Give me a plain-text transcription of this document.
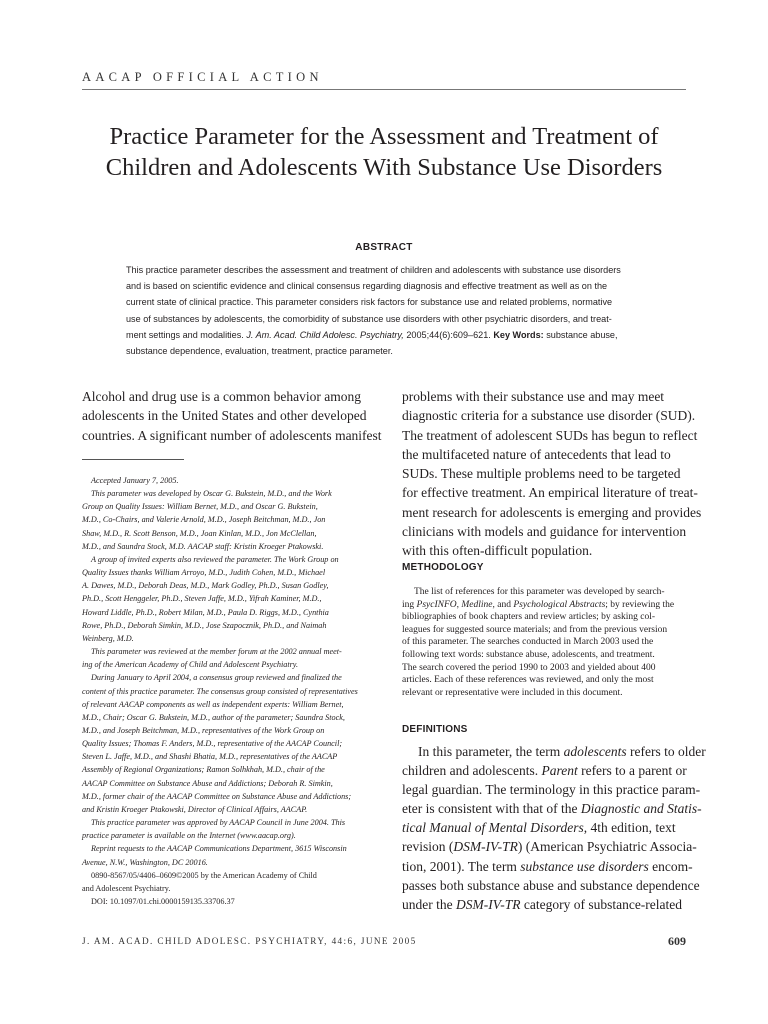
AACAP OFFICIAL ACTION
Practice Parameter for the Assessment and Treatment of
Children and Adolescents With Substance Use Disorders
ABSTRACT
This practice parameter describes the assessment and treatment of children and adolescents with substance use disorders
and is based on scientific evidence and clinical consensus regarding diagnosis and effective treatment as well as on the
current state of clinical practice. This parameter considers risk factors for substance use and related problems, normative
use of substances by adolescents, the comorbidity of substance use disorders with other psychiatric disorders, and treat-
ment settings and modalities. J. Am. Acad. Child Adolesc. Psychiatry, 2005;44(6):609–621. Key Words: substance abuse,
substance dependence, evaluation, treatment, practice parameter.
Alcohol and drug use is a common behavior among
adolescents in the United States and other developed
countries. A significant number of adolescents manifest
Accepted January 7, 2005.
This parameter was developed by Oscar G. Bukstein, M.D., and the Work
Group on Quality Issues: William Bernet, M.D., and Oscar G. Bukstein,
M.D., Co-Chairs, and Valerie Arnold, M.D., Joseph Beitchman, M.D., Jon
Shaw, M.D., R. Scott Benson, M.D., Joan Kinlan, M.D., Jon McClellan,
M.D., and Saundra Stock, M.D. AACAP staff: Kristin Kroeger Ptakowski.
A group of invited experts also reviewed the parameter. The Work Group on
Quality Issues thanks William Arroyo, M.D., Judith Cohen, M.D., Michael
A. Dawes, M.D., Deborah Deas, M.D., Mark Godley, Ph.D., Susan Godley,
Ph.D., Scott Henggeler, Ph.D., Steven Jaffe, M.D., Yifrah Kaminer, M.D.,
Howard Liddle, Ph.D., Robert Milan, M.D., Paula D. Riggs, M.D., Cynthia
Rowe, Ph.D., Deborah Simkin, M.D., Jose Szapocznik, Ph.D., and Naimah
Weinberg, M.D.
This parameter was reviewed at the member forum at the 2002 annual meet-
ing of the American Academy of Child and Adolescent Psychiatry.
During January to April 2004, a consensus group reviewed and finalized the
content of this practice parameter. The consensus group consisted of representatives
of relevant AACAP components as well as independent experts: William Bernet,
M.D., Chair; Oscar G. Bukstein, M.D., author of the parameter; Saundra Stock,
M.D., and Joseph Beitchman, M.D., representatives of the Work Group on
Quality Issues; Thomas F. Anders, M.D., representative of the AACAP Council;
Steven L. Jaffe, M.D., and Shashi Bhatia, M.D., representatives of the AACAP
Assembly of Regional Organizations; Ramon Solhkhah, M.D., chair of the
AACAP Committee on Substance Abuse and Addictions; Deborah R. Simkin,
M.D., former chair of the AACAP Committee on Substance Abuse and Addictions;
and Kristin Kroeger Ptakowski, Director of Clinical Affairs, AACAP.
This practice parameter was approved by AACAP Council in June 2004. This
practice parameter is available on the Internet (www.aacap.org).
Reprint requests to the AACAP Communications Department, 3615 Wisconsin
Avenue, N.W., Washington, DC 20016.
0890-8567/05/4406–0609©2005 by the American Academy of Child
and Adolescent Psychiatry.
DOI: 10.1097/01.chi.0000159135.33706.37
problems with their substance use and may meet
diagnostic criteria for a substance use disorder (SUD).
The treatment of adolescent SUDs has begun to reflect
the multifaceted nature of antecedents that lead to
SUDs. These multiple problems need to be targeted
for effective treatment. An empirical literature of treat-
ment research for adolescents is emerging and provides
clinicians with models and guidance for intervention
with this often-difficult population.
METHODOLOGY
The list of references for this parameter was developed by search-
ing PsycINFO, Medline, and Psychological Abstracts; by reviewing the
bibliographies of book chapters and review articles; by asking col-
leagues for suggested source materials; and from the previous version
of this parameter. The searches conducted in March 2003 used the
following text words: substance abuse, adolescents, and treatment.
The search covered the period 1990 to 2003 and yielded about 400
articles. Each of these references was reviewed, and only the most
relevant or representative were included in this document.
DEFINITIONS
In this parameter, the term adolescents refers to older
children and adolescents. Parent refers to a parent or
legal guardian. The terminology in this practice param-
eter is consistent with that of the Diagnostic and Statis-
tical Manual of Mental Disorders, 4th edition, text
revision (DSM-IV-TR) (American Psychiatric Associa-
tion, 2001). The term substance use disorders encom-
passes both substance abuse and substance dependence
under the DSM-IV-TR category of substance-related
J. AM. ACAD. CHILD ADOLESC. PSYCHIATRY, 44:6, JUNE 2005	609
